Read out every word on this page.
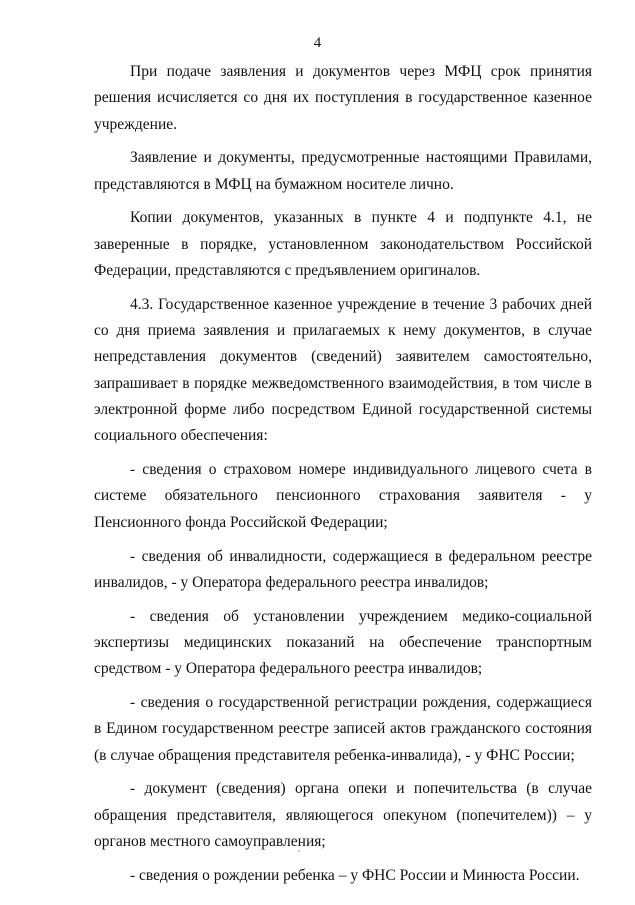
4

При подаче заявления и документов через МФЦ срок принятия решения исчисляется со дня их поступления в государственное казенное учреждение.

Заявление и документы, предусмотренные настоящими Правилами, представляются в МФЦ на бумажном носителе лично.

Копии документов, указанных в пункте 4 и подпункте 4.1, не заверенные в порядке, установленном законодательством Российской Федерации, представляются с предъявлением оригиналов.

4.3. Государственное казенное учреждение в течение 3 рабочих дней со дня приема заявления и прилагаемых к нему документов, в случае непредставления документов (сведений) заявителем самостоятельно, запрашивает в порядке межведомственного взаимодействия, в том числе в электронной форме либо посредством Единой государственной системы социального обеспечения:

- сведения о страховом номере индивидуального лицевого счета в системе обязательного пенсионного страхования заявителя - у Пенсионного фонда Российской Федерации;

- сведения об инвалидности, содержащиеся в федеральном реестре инвалидов, - у Оператора федерального реестра инвалидов;

- сведения об установлении учреждением медико-социальной экспертизы медицинских показаний на обеспечение транспортным средством - у Оператора федерального реестра инвалидов;

- сведения о государственной регистрации рождения, содержащиеся в Едином государственном реестре записей актов гражданского состояния (в случае обращения представителя ребенка-инвалида), - у ФНС России;

- документ (сведения) органа опеки и попечительства (в случае обращения представителя, являющегося опекуном (попечителем)) – у органов местного самоуправления;

- сведения о рождении ребенка – у ФНС России и Минюста России.
